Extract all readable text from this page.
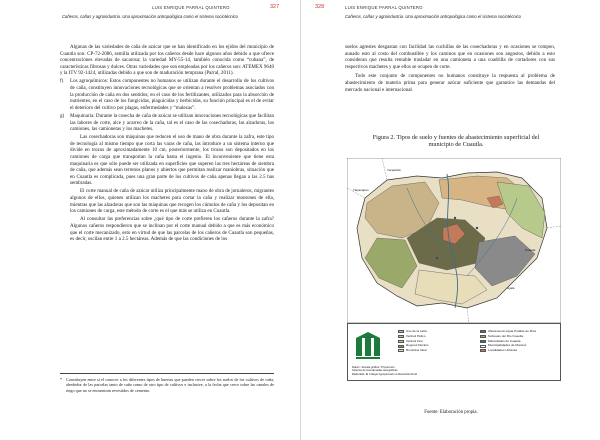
LUIS ENRIQUE PARRAL QUINTERO	327
Cañeros, cañas y agroindustria. Una aproximación antropológica como el sistema sociotécnico

Algunas de las variedades de caña de azúcar que se han identificado en los ejidos del municipio de Cuautla son: CP-72-2086, semilla utilizada por los cañeros desde hace algunos años debido a que ofrece concentraciones elevadas de sacarosa; la variedad MY-55-14, también conocida como “cubana”, de características fibrosas y dulces. Otras variedades que son empleadas por los cañeros son: ATEMEX 9640 y la ITV 92-1424, utilizadas debido a que son de maduración temprana (Parral, 2011).

f) Los agroquímicos: Estos componentes no humanos se utilizan durante el desarrollo de los cultivos de caña, constituyen innovaciones tecnológicas que se orientan a resolver problemas asociados con la producción de caña en dos sentidos; en el caso de los fertilizantes, utilizados para la absorción de nutrientes, en el caso de los fungicidas, plaguicidas y herbicidas, su función principal es el de evitar el deterioro del cultivo por plagas, enfermedades y “malezas”.
g) Maquinaria: Durante la cosecha de caña de azúcar se utilizan innovaciones tecnológicas que facilitan las labores de corte, alce y acarreo de la caña, tal es el caso de las cosechadoras, las alzadoras, los camiones, las camionetas y los machetes.

Las cosechadoras son máquinas que reducen el uso de mano de obra durante la zafra, este tipo de tecnología al mismo tiempo que corta las varas de caña, las introduce a un sistema interno que divide en trozos de aproximadamente 10 cm, posteriormente, los trozos son depositados en los camiones de carga que transportan la caña hasta el ingenio. El inconveniente que tiene esta maquinaria es que sólo puede ser utilizada en superficies que superen las tres hectáreas de siembra de caña, que además sean terrenos planos y abiertos que permitan realizar maniobras, situación que en Cuautla es complicada, pues una gran parte de los cultivos de caña apenas llegan a las 2.5 has sembradas.

El corte manual de caña de azúcar utiliza principalmente mano de obra de jornaleros, migrantes algunos de ellos, quienes utilizan los machetes para cortar la caña y realizar montones de ella, mientras que las alzadoras que son las máquinas que recogen los cúmulos de caña y los depositan en los camiones de carga, este método de corte es el que más se utiliza en Cuautla.

Al consultar las preferencias sobre ¿qué tipo de corte prefieren los cañeros durante la zafra? Algunos cañeros respondieron que se inclinan por el corte manual debido a que es más económico que el corte mecanizado, esto en virtud de que las parcelas de los cañeros de Cuautla son pequeñas, es decir, oscilan entre 1 a 2.5 hectáreas. Además de que las condiciones de los

* Constituyen entre sí el conocer a los diferentes tipos de huertas que pueden crecer sobre los suelos de los cultivos de caña, alrededor de las parcelas tanto de caña como de otro tipo de cultivos e inclusive, a la fecha que crece sobre las canales de riego que no se encuentran revestidos de cemento.
328	LUIS ENRIQUE PARRAL QUINTERO
Cañeros, cañas y agroindustria. Una aproximación antropológica como el sistema sociotécnico

suelos agrestes desgastan con facilidad las cuchillas de las cosechadoras y en ocasiones se rompen, aunado esto al costo del combustible y los caminos que en ocasiones son angostos, debido a esto consideran que resulta rentable trasladar en una camioneta a una cuadrilla de cortadores con sus respectivos machetes y que ellos se ocupen de corte.

Todo este conjunto de componentes no humanos constituye la respuesta al problema de abastecimiento de materia prima para generar azúcar suficiente que garantice las demandas del mercado nacional e internacional.

Figura 2. Tipos de suelo y fuentes de abastecimiento superficial del municipio de Cuautla.
Yecapixtla
Tlayacapan
Ayala
Cuautla
Uso de la caña	Afloramiento Agua Potable de Ríos
Vertisol Pélico	Subsuelo del Río Cuautla
Vertisol Fino	Manantiales de Cuautla
Regosol Dúctico	Municipalidades de Morelos
Rendzina Ideal	Localidades Urbanas
Datum / Escala gráfica / Proyección
Sistema de Coordenadas Geográficas
Elaborado: El Colegio Agropecuario a Desarrollo Rural
Fuente: Elaboración propia.
